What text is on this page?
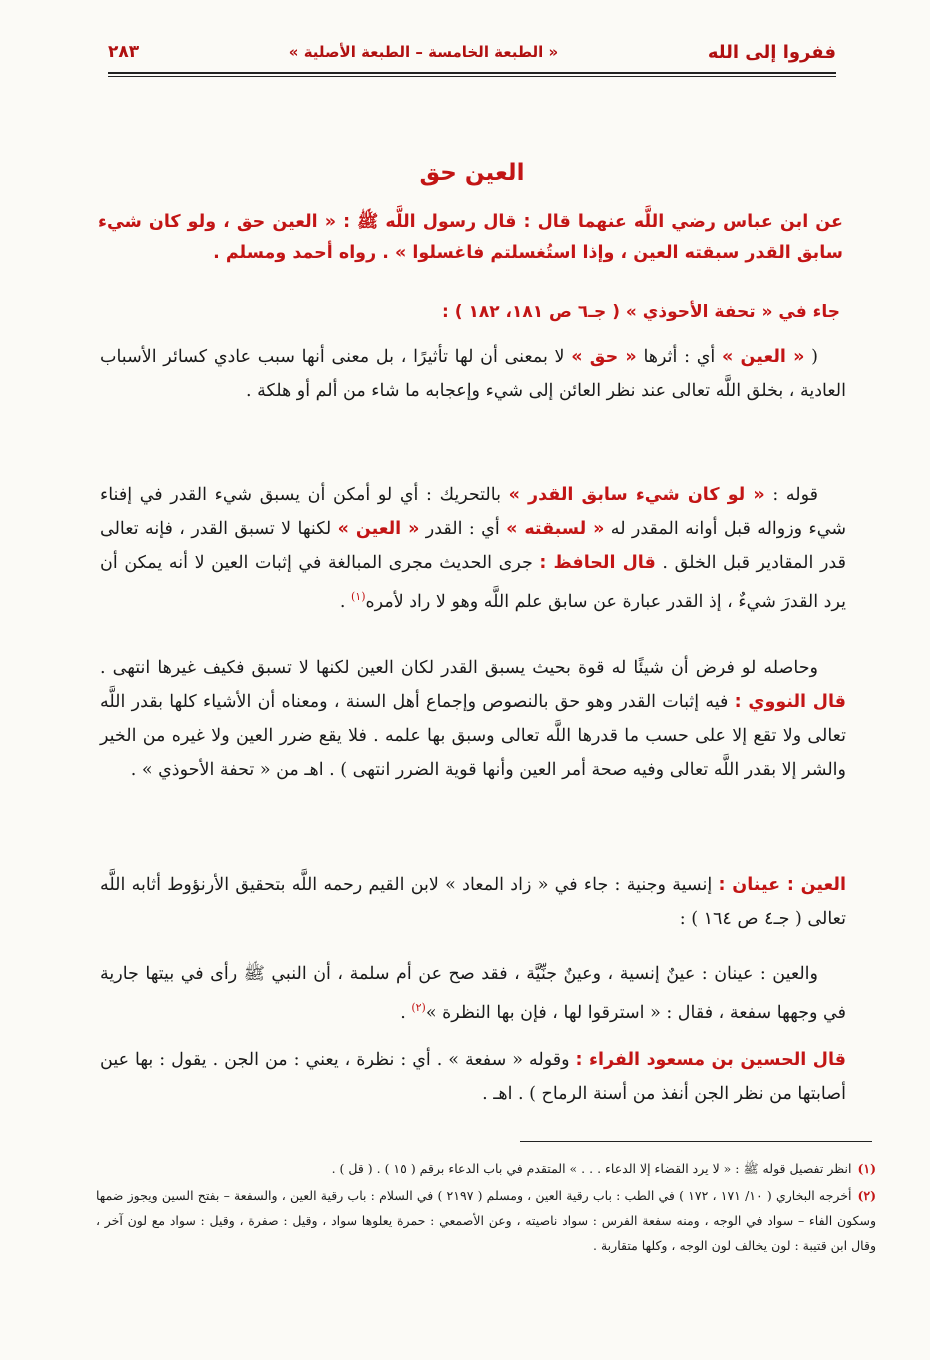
ففروا إلى الله
« الطبعة الخامسة – الطبعة الأصلية »
٢٨٣
العين حق
عن ابن عباس رضي اللَّه عنهما قال : قال رسول اللَّه ﷺ : « العين حق ، ولو كان شيء سابق القدر سبقته العين ، وإذا استُغسلتم فاغسلوا » . رواه أحمد ومسلم .
جاء في « تحفة الأحوذي » ( جـ٦ ص ١٨١، ١٨٢ ) :
( « العين » أي : أثرها « حق » لا بمعنى أن لها تأثيرًا ، بل معنى أنها سبب عادي كسائر الأسباب العادية ، بخلق اللَّه تعالى عند نظر العائن إلى شيء وإعجابه ما شاء من ألم أو هلكة .
قوله : « لو كان شيء سابق القدر » بالتحريك : أي لو أمكن أن يسبق شيء القدر في إفناء شيء وزواله قبل أوانه المقدر له « لسبقته » أي : القدر « العين » لكنها لا تسبق القدر ، فإنه تعالى قدر المقادير قبل الخلق . قال الحافظ : جرى الحديث مجرى المبالغة في إثبات العين لا أنه يمكن أن يرد القدرَ شيءٌ ، إذ القدر عبارة عن سابق علم اللَّه وهو لا راد لأمره$^{(١)}$ .
وحاصله لو فرض أن شيئًا له قوة بحيث يسبق القدر لكان العين لكنها لا تسبق فكيف غيرها انتهى . قال النووي : فيه إثبات القدر وهو حق بالنصوص وإجماع أهل السنة ، ومعناه أن الأشياء كلها بقدر اللَّه تعالى ولا تقع إلا على حسب ما قدرها اللَّه تعالى وسبق بها علمه . فلا يقع ضرر العين ولا غيره من الخير والشر إلا بقدر اللَّه تعالى وفيه صحة أمر العين وأنها قوية الضرر انتهى ) . اهـ من « تحفة الأحوذي » .
العين : عينان : إنسية وجنية : جاء في « زاد المعاد » لابن القيم رحمه اللَّه بتحقيق الأرنؤوط أثابه اللَّه تعالى ( جـ٤ ص ١٦٤ ) :
والعين : عينان : عينٌ إنسية ، وعينٌ جنِّيَّة ، فقد صح عن أم سلمة ، أن النبي ﷺ رأى في بيتها جارية في وجهها سفعة ، فقال : « استرقوا لها ، فإن بها النظرة »$^{(٢)}$ .
قال الحسين بن مسعود الفراء : وقوله « سفعة » . أي : نظرة ، يعني : من الجن . يقول : بها عين أصابتها من نظر الجن أنفذ من أسنة الرماح ) . اهـ .
(١)انظر تفصيل قوله ﷺ : « لا يرد القضاء إلا الدعاء . . . » المتقدم في باب الدعاء برقم ( ١٥ ) . ( قل ) .
(٢)أخرجه البخاري ( ١٠/ ١٧١ ، ١٧٢ ) في الطب : باب رقية العين ، ومسلم ( ٢١٩٧ ) في السلام : باب رقية العين ، والسفعة – بفتح السين ويجوز ضمها وسكون الفاء – سواد في الوجه ، ومنه سفعة الفرس : سواد ناصيته ، وعن الأصمعي : حمرة يعلوها سواد ، وقيل : صفرة ، وقيل : سواد مع لون آخر ، وقال ابن قتيبة : لون يخالف لون الوجه ، وكلها متقاربة .
